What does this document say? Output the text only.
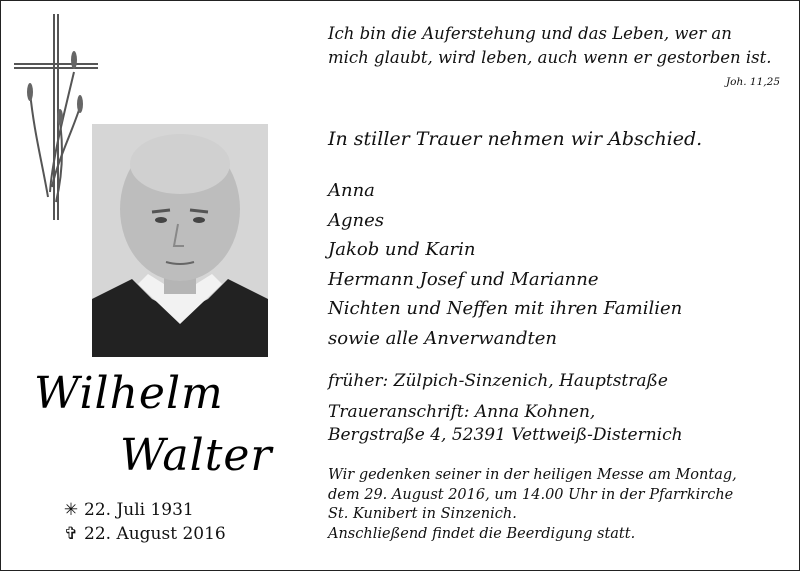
Wilhelm
Walter
✳ 22. Juli 1931
✞ 22. August 2016
Ich bin die Auferstehung und das Leben, wer an
mich glaubt, wird leben, auch wenn er gestorben ist.
Joh. 11,25
In stiller Trauer nehmen wir Abschied.
Anna
Agnes
Jakob und Karin
Hermann Josef und Marianne
Nichten und Neffen mit ihren Familien
sowie alle Anverwandten
früher: Zülpich-Sinzenich, Hauptstraße
Traueranschrift: Anna Kohnen,
Bergstraße 4, 52391 Vettweiß-Disternich
Wir gedenken seiner in der heiligen Messe am Montag,
dem 29. August 2016, um 14.00 Uhr in der Pfarrkirche
St. Kunibert in Sinzenich.
Anschließend findet die Beerdigung statt.
